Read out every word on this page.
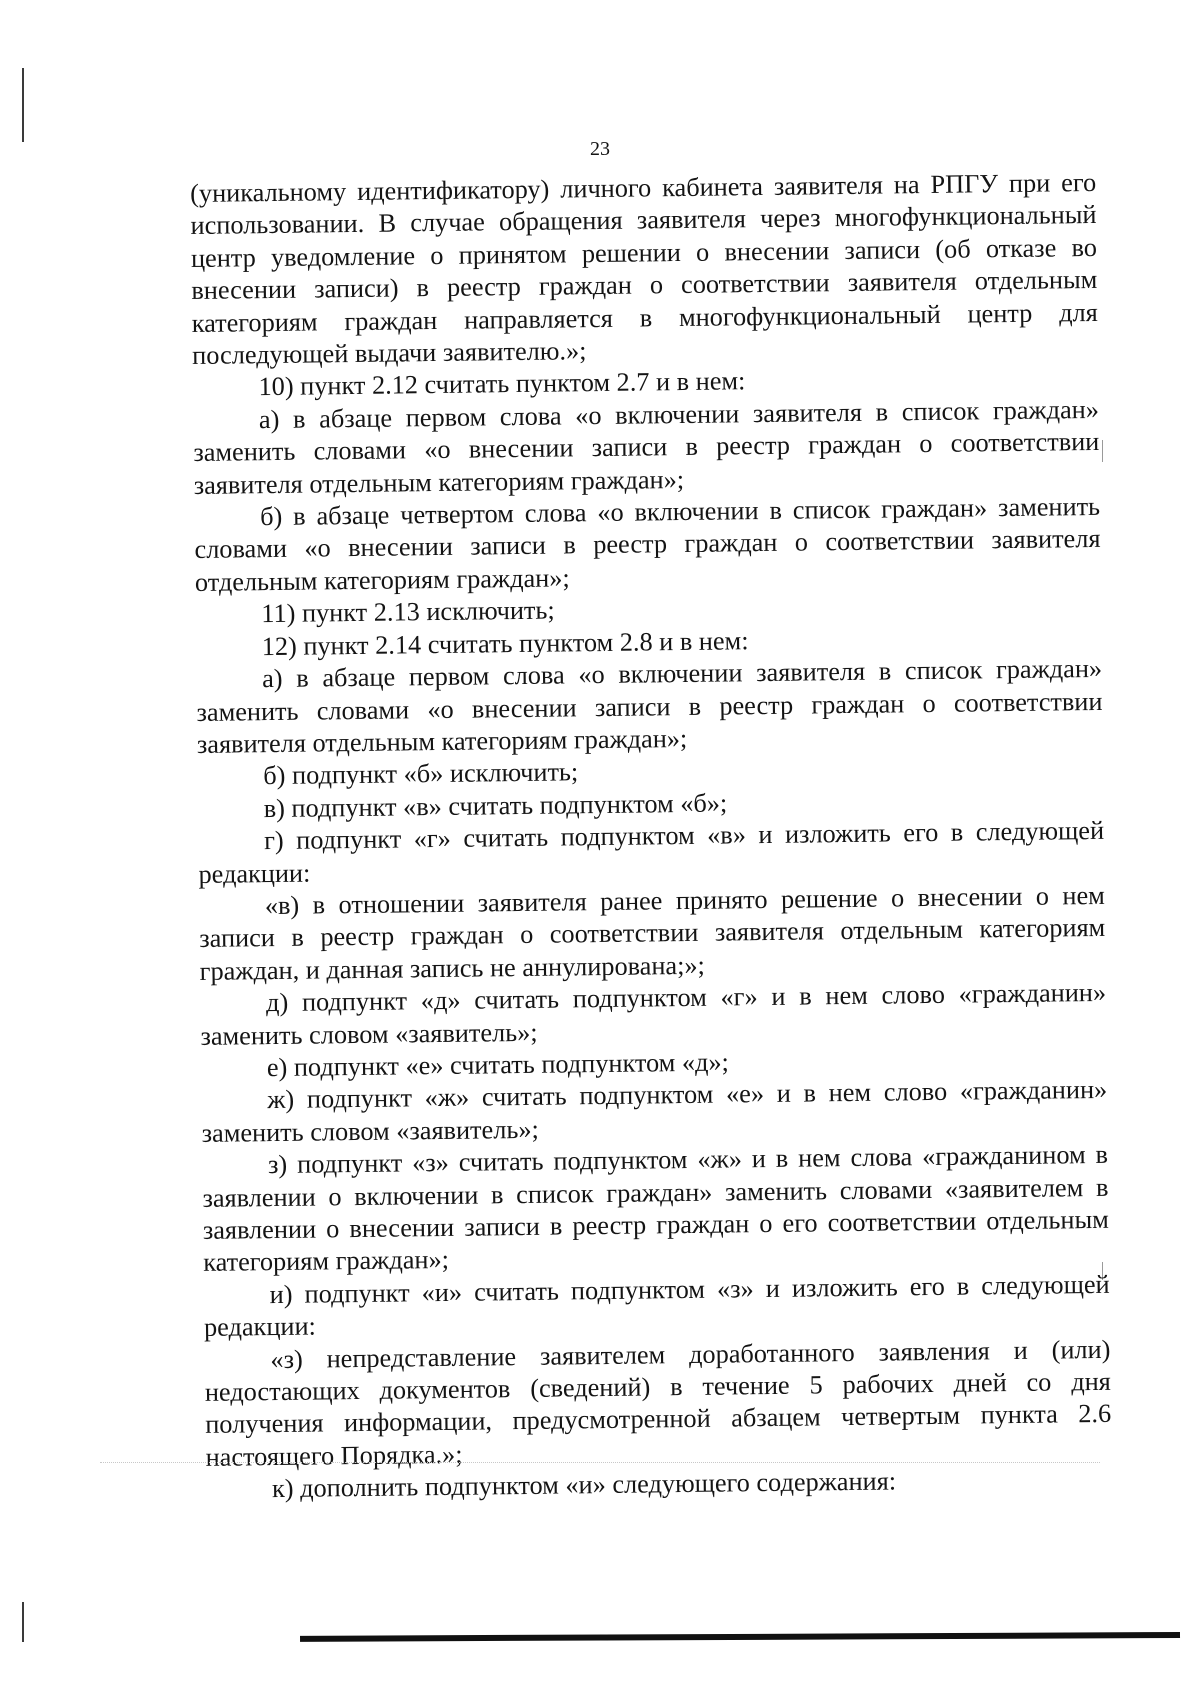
23

(уникальному идентификатору) личного кабинета заявителя на РПГУ при его использовании. В случае обращения заявителя через многофункциональный центр уведомление о принятом решении о внесении записи (об отказе во внесении записи) в реестр граждан о соответствии заявителя отдельным категориям граждан направляется в многофункциональный центр для последующей выдачи заявителю.»;

10) пункт 2.12 считать пунктом 2.7 и в нем:

а) в абзаце первом слова «о включении заявителя в список граждан» заменить словами «о внесении записи в реестр граждан о соответствии заявителя отдельным категориям граждан»;

б) в абзаце четвертом слова «о включении в список граждан» заменить словами «о внесении записи в реестр граждан о соответствии заявителя отдельным категориям граждан»;

11) пункт 2.13 исключить;

12) пункт 2.14 считать пунктом 2.8 и в нем:

а) в абзаце первом слова «о включении заявителя в список граждан» заменить словами «о внесении записи в реестр граждан о соответствии заявителя отдельным категориям граждан»;

б) подпункт «б» исключить;

в) подпункт «в» считать подпунктом «б»;

г) подпункт «г» считать подпунктом «в» и изложить его в следующей редакции:

«в) в отношении заявителя ранее принято решение о внесении о нем записи в реестр граждан о соответствии заявителя отдельным категориям граждан, и данная запись не аннулирована;»;

д) подпункт «д» считать подпунктом «г» и в нем слово «гражданин» заменить словом «заявитель»;

е) подпункт «е» считать подпунктом «д»;

ж) подпункт «ж» считать подпунктом «е» и в нем слово «гражданин» заменить словом «заявитель»;

з) подпункт «з» считать подпунктом «ж» и в нем слова «гражданином в заявлении о включении в список граждан» заменить словами «заявителем в заявлении о внесении записи в реестр граждан о его соответствии отдельным категориям граждан»;

и) подпункт «и» считать подпунктом «з» и изложить его в следующей редакции:

«з) непредставление заявителем доработанного заявления и (или) недостающих документов (сведений) в течение 5 рабочих дней со дня получения информации, предусмотренной абзацем четвертым пункта 2.6 настоящего Порядка.»;

к) дополнить подпунктом «и» следующего содержания:
